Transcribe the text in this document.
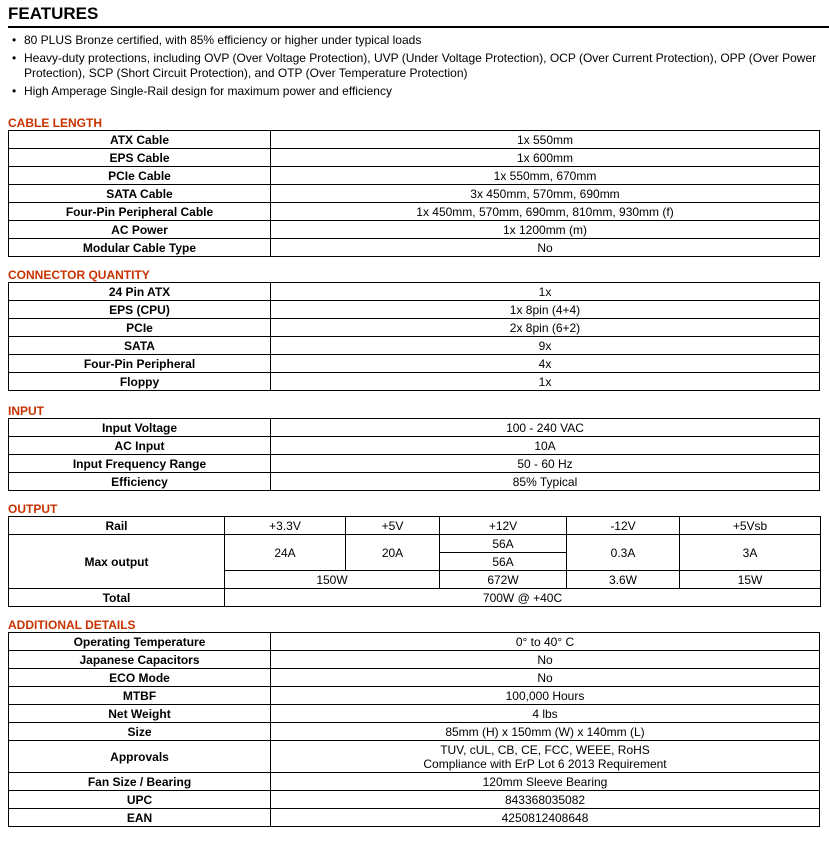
FEATURES
• 80 PLUS Bronze certified, with 85% efficiency or higher under typical loads
• Heavy-duty protections, including OVP (Over Voltage Protection), UVP (Under Voltage Protection), OCP (Over Current Protection), OPP (Over Power Protection), SCP (Short Circuit Protection), and OTP (Over Temperature Protection)
• High Amperage Single-Rail design for maximum power and efficiency
CABLE LENGTH
ATX Cable	1x 550mm
EPS Cable	1x 600mm
PCIe Cable	1x 550mm, 670mm
SATA Cable	3x 450mm, 570mm, 690mm
Four-Pin Peripheral Cable	1x 450mm, 570mm, 690mm, 810mm, 930mm (f)
AC Power	1x 1200mm (m)
Modular Cable Type	No
CONNECTOR QUANTITY
24 Pin ATX	1x
EPS (CPU)	1x 8pin (4+4)
PCIe	2x 8pin (6+2)
SATA	9x
Four-Pin Peripheral	4x
Floppy	1x
INPUT
Input Voltage	100 - 240 VAC
AC Input	10A
Input Frequency Range	50 - 60 Hz
Efficiency	85% Typical
OUTPUT
Rail	+3.3V	+5V	+12V	-12V	+5Vsb
Max output	24A	20A	56A	0.3A	3A
			56A		
	150W		672W	3.6W	15W
Total	700W @ +40C				
ADDITIONAL DETAILS
Operating Temperature	0° to 40° C
Japanese Capacitors	No
ECO Mode	No
MTBF	100,000 Hours
Net Weight	4 lbs
Size	85mm (H) x 150mm (W) x 140mm (L)
Approvals	TUV, cUL, CB, CE, FCC, WEEE, RoHS
Compliance with ErP Lot 6 2013 Requirement

Fan Size / Bearing	120mm Sleeve Bearing
UPC	843368035082
EAN	4250812408648
